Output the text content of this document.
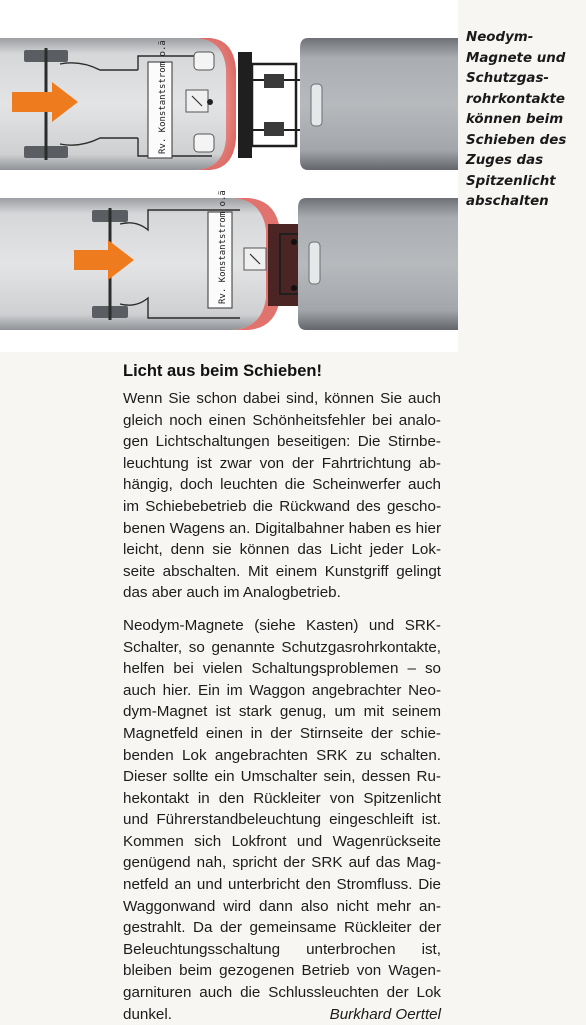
Rv. Konstantstrom o.ä
Rv. Konstantstrom o.ä
Neodym-
Magnete und
Schutzgas-
rohrkontakte
können beim
Schieben des
Zuges das
Spitzenlicht
abschalten
Licht aus beim Schieben!

Wenn Sie schon dabei sind, können Sie auch
gleich noch einen Schönheitsfehler bei analo-
gen Lichtschaltungen beseitigen: Die Stirnbe-
leuchtung ist zwar von der Fahrtrichtung ab-
hängig, doch leuchten die Scheinwerfer auch
im Schiebebetrieb die Rückwand des gescho-
benen Wagens an. Digitalbahner haben es hier
leicht, denn sie können das Licht jeder Lok-
seite abschalten. Mit einem Kunstgriff gelingt
das aber auch im Analogbetrieb.

Neodym-Magnete (siehe Kasten) und SRK-
Schalter, so genannte Schutzgasrohrkontakte,
helfen bei vielen Schaltungsproblemen – so
auch hier. Ein im Waggon angebrachter Neo-
dym-Magnet ist stark genug, um mit seinem
Magnetfeld einen in der Stirnseite der schie-
benden Lok angebrachten SRK zu schalten.
Dieser sollte ein Umschalter sein, dessen Ru-
hekontakt in den Rückleiter von Spitzenlicht
und Führerstandbeleuchtung eingeschleift ist.
Kommen sich Lokfront und Wagenrückseite
genügend nah, spricht der SRK auf das Mag-
netfeld an und unterbricht den Stromfluss. Die
Waggonwand wird dann also nicht mehr an-
gestrahlt. Da der gemeinsame Rückleiter der
Beleuchtungsschaltung unterbrochen ist,
bleiben beim gezogenen Betrieb von Wagen-
garnituren auch die Schlussleuchten der Lok
dunkel.	Burkhard Oerttel
